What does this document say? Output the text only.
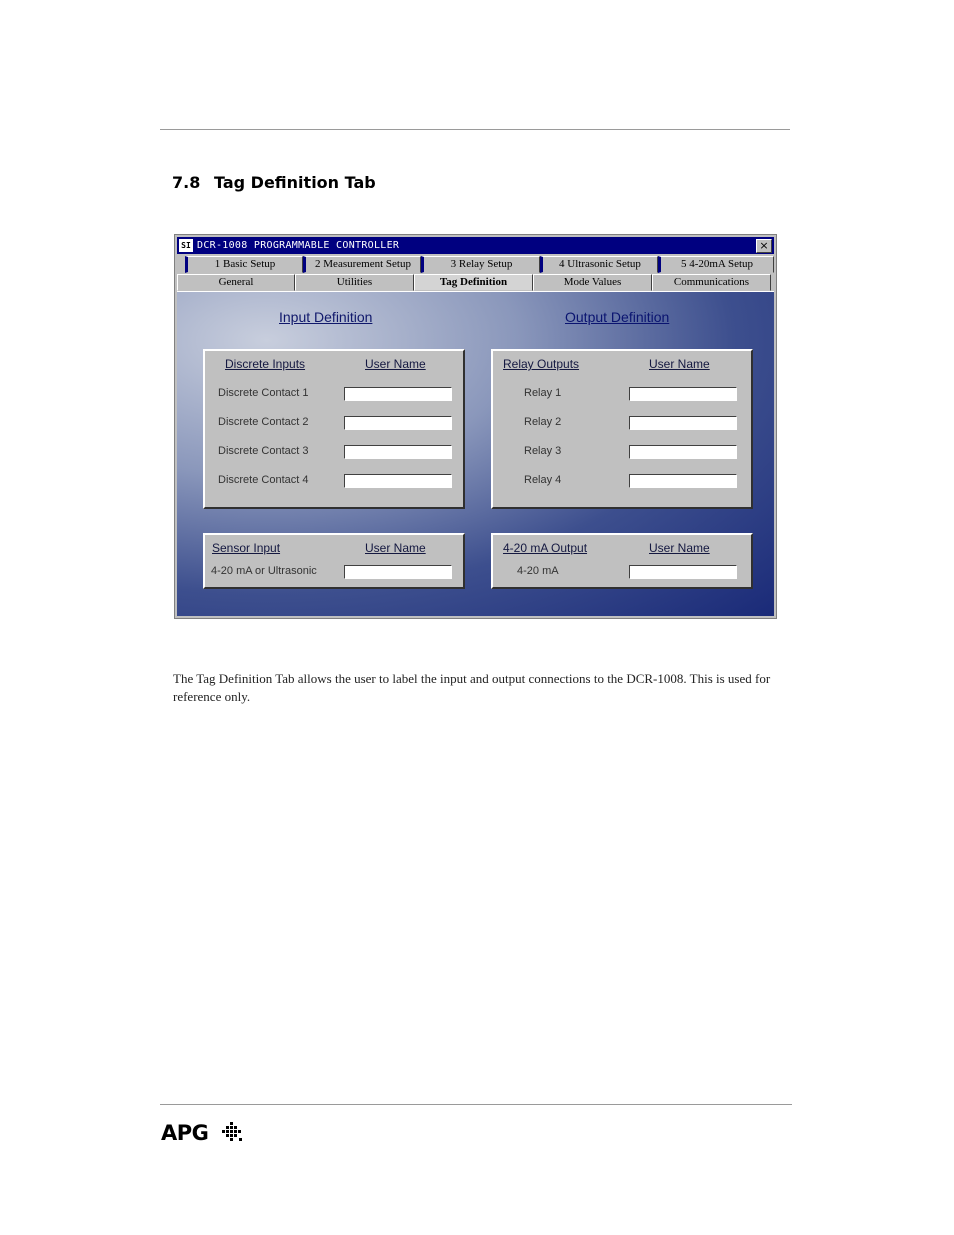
7.8 Tag Definition Tab
SI DCR-1008 PROGRAMMABLE CONTROLLER	×
1 Basic Setup	2 Measurement Setup	3 Relay Setup	4 Ultrasonic Setup	5 4-20mA Setup
General	Utilities	Tag Definition	Mode Values	Communications
Input Definition	Output Definition
Discrete Inputs	User Name
Discrete Contact 1
Discrete Contact 2
Discrete Contact 3
Discrete Contact 4
Relay Outputs	User Name
Relay 1
Relay 2
Relay 3
Relay 4
Sensor Input	User Name
4-20 mA or Ultrasonic
4-20 mA Output	User Name
4-20 mA
The Tag Definition Tab allows the user to label the input and output connections to the DCR-1008. This is used for reference only.
APG
